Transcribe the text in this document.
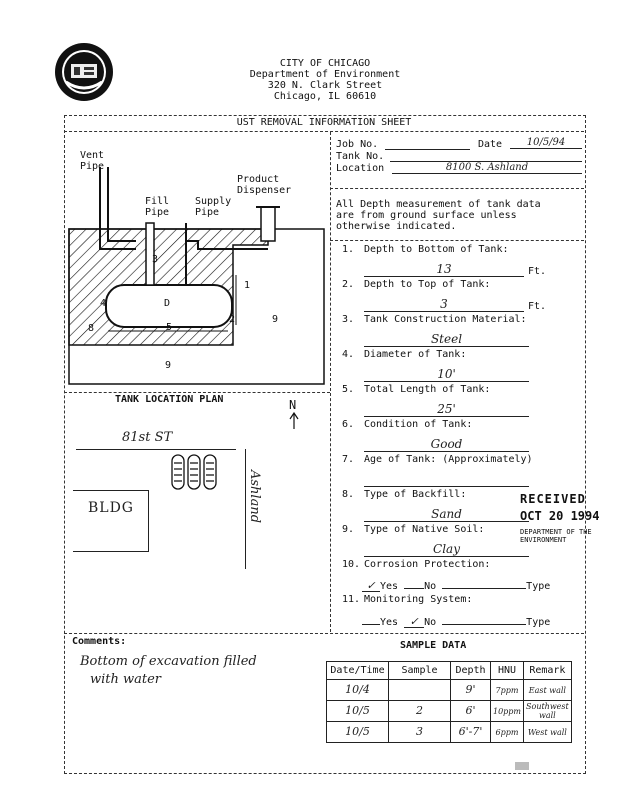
CITY OF CHICAGO
Department of Environment
320 N. Clark Street
Chicago, IL 60610
UST REMOVAL INFORMATION SHEET
Vent
Pipe
Fill
Pipe
Supply
Pipe
Product
Dispenser
1
2
3
4
5
8
9
9
D
TANK LOCATION PLAN	N
81st ST
Ashland
BLDG
Job No.	Date	10/5/94
Tank No.
Location	8100 S. Ashland
All Depth measurement of tank data
are from ground surface unless
otherwise indicated.
1. Depth to Bottom of Tank:
13	Ft.
2. Depth to Top of Tank:
3	Ft.
3. Tank Construction Material:
Steel
4. Diameter of Tank:
10'
5. Total Length of Tank:
25'
6. Condition of Tank:
Good
7. Age of Tank: (Approximately)
8. Type of Backfill:
Sand
9. Type of Native Soil:
Clay
10. Corrosion Protection:
11. Monitoring System:
✓ Yes	No	Type
Yes ✓ No	Type
RECEIVED
OCT 20 1994
DEPARTMENT OF THE
ENVIRONMENT
Comments:
Bottom of excavation filled
with water
SAMPLE DATA
Date/Time	Sample	Depth	HNU	Remark
10/4		9'	7ppm	East wall
10/5	2	6'	10ppm	Southwest wall
10/5	3	6'-7'	6ppm	West wall
